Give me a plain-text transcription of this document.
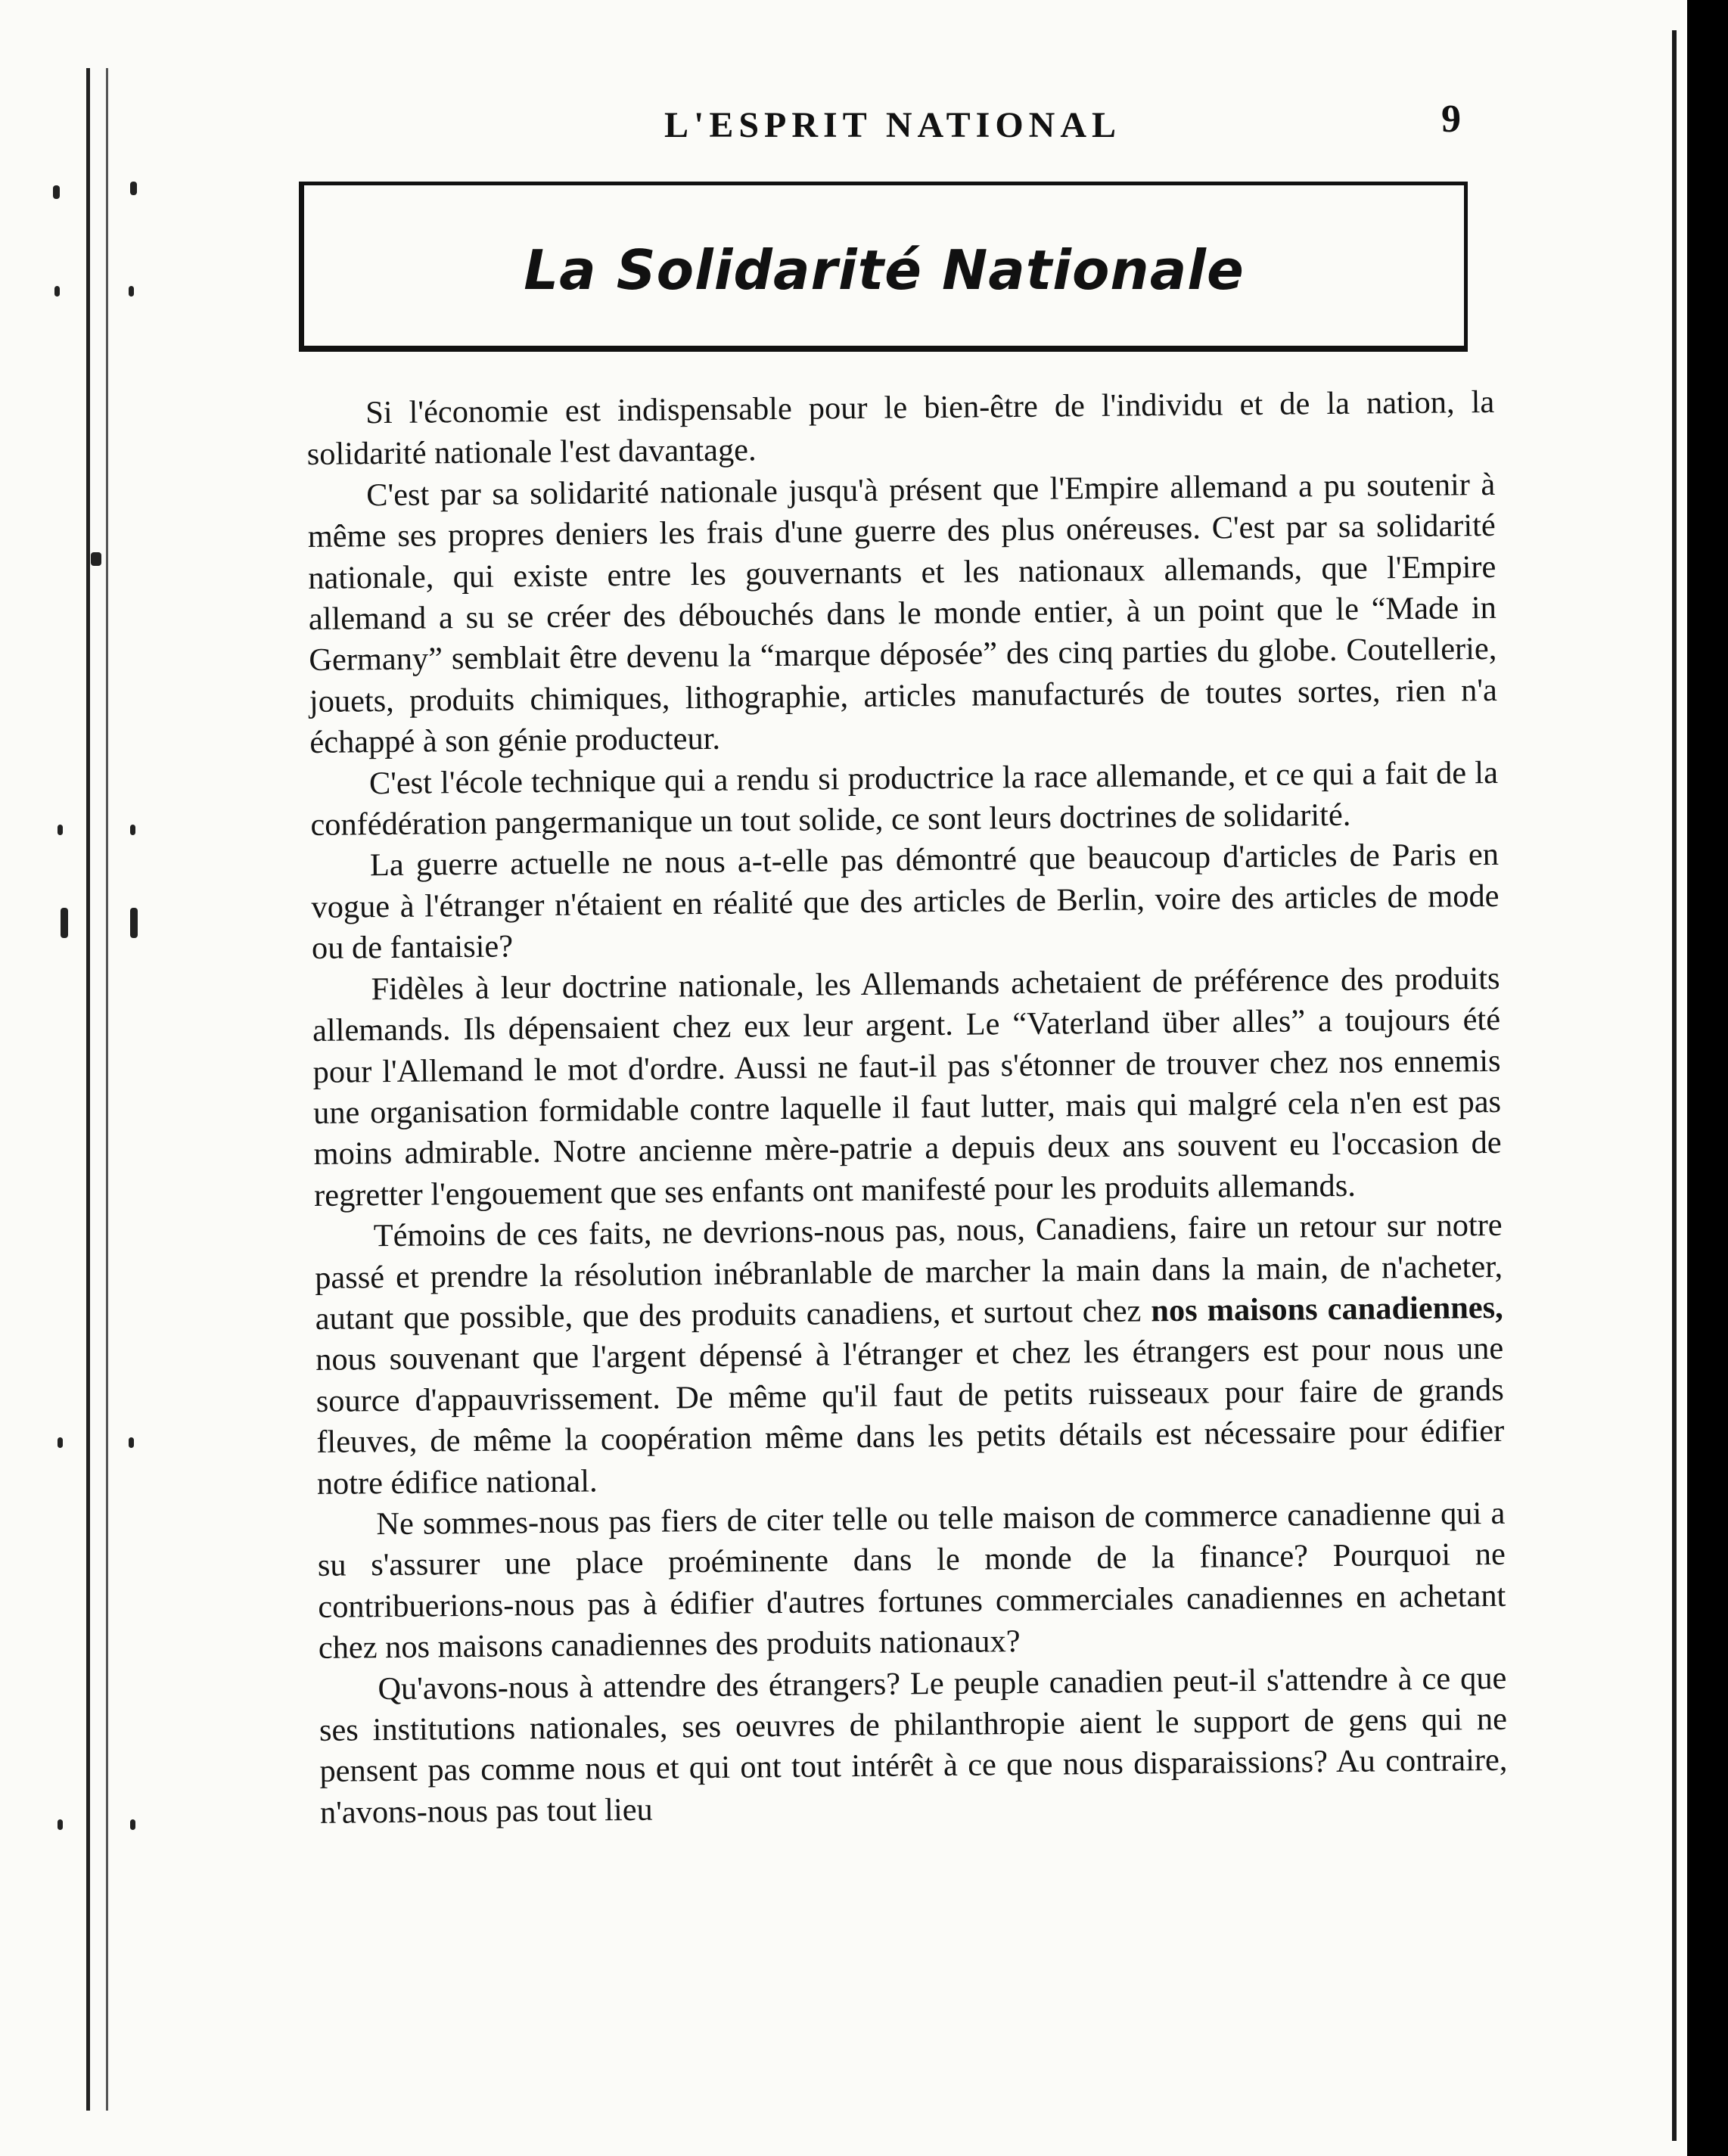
L'ESPRIT NATIONAL	9
La Solidarité Nationale

Si l'économie est indispensable pour le bien-être de l'individu et de la nation, la solidarité nationale l'est davantage.

C'est par sa solidarité nationale jusqu'à présent que l'Empire allemand a pu soutenir à même ses propres deniers les frais d'une guerre des plus onéreuses. C'est par sa solidarité nationale, qui existe entre les gouvernants et les nationaux allemands, que l'Empire allemand a su se créer des débouchés dans le monde entier, à un point que le “Made in Germany” semblait être devenu la “marque déposée” des cinq parties du globe. Coutellerie, jouets, produits chimiques, lithographie, articles manufacturés de toutes sortes, rien n'a échappé à son génie producteur.

C'est l'école technique qui a rendu si productrice la race allemande, et ce qui a fait de la confédération pangermanique un tout solide, ce sont leurs doctrines de solidarité.

La guerre actuelle ne nous a-t-elle pas démontré que beaucoup d'articles de Paris en vogue à l'étranger n'étaient en réalité que des articles de Berlin, voire des articles de mode ou de fantaisie?

Fidèles à leur doctrine nationale, les Allemands achetaient de préférence des produits allemands. Ils dépensaient chez eux leur argent. Le “Vaterland über alles” a toujours été pour l'Allemand le mot d'ordre. Aussi ne faut-il pas s'étonner de trouver chez nos ennemis une organisation formidable contre laquelle il faut lutter, mais qui malgré cela n'en est pas moins admirable. Notre ancienne mère-patrie a depuis deux ans souvent eu l'occasion de regretter l'engouement que ses enfants ont manifesté pour les produits allemands.

Témoins de ces faits, ne devrions-nous pas, nous, Canadiens, faire un retour sur notre passé et prendre la résolution inébranlable de marcher la main dans la main, de n'acheter, autant que possible, que des produits canadiens, et surtout chez nos maisons canadiennes, nous souvenant que l'argent dépensé à l'étranger et chez les étrangers est pour nous une source d'appauvrissement. De même qu'il faut de petits ruisseaux pour faire de grands fleuves, de même la coopération même dans les petits détails est nécessaire pour édifier notre édifice national.

Ne sommes-nous pas fiers de citer telle ou telle maison de commerce canadienne qui a su s'assurer une place proéminente dans le monde de la finance? Pourquoi ne contribuerions-nous pas à édifier d'autres fortunes commerciales canadiennes en achetant chez nos maisons canadiennes des produits nationaux?

Qu'avons-nous à attendre des étrangers? Le peuple canadien peut-il s'attendre à ce que ses institutions nationales, ses oeuvres de philanthropie aient le support de gens qui ne pensent pas comme nous et qui ont tout intérêt à ce que nous disparaissions? Au contraire, n'avons-nous pas tout lieu
